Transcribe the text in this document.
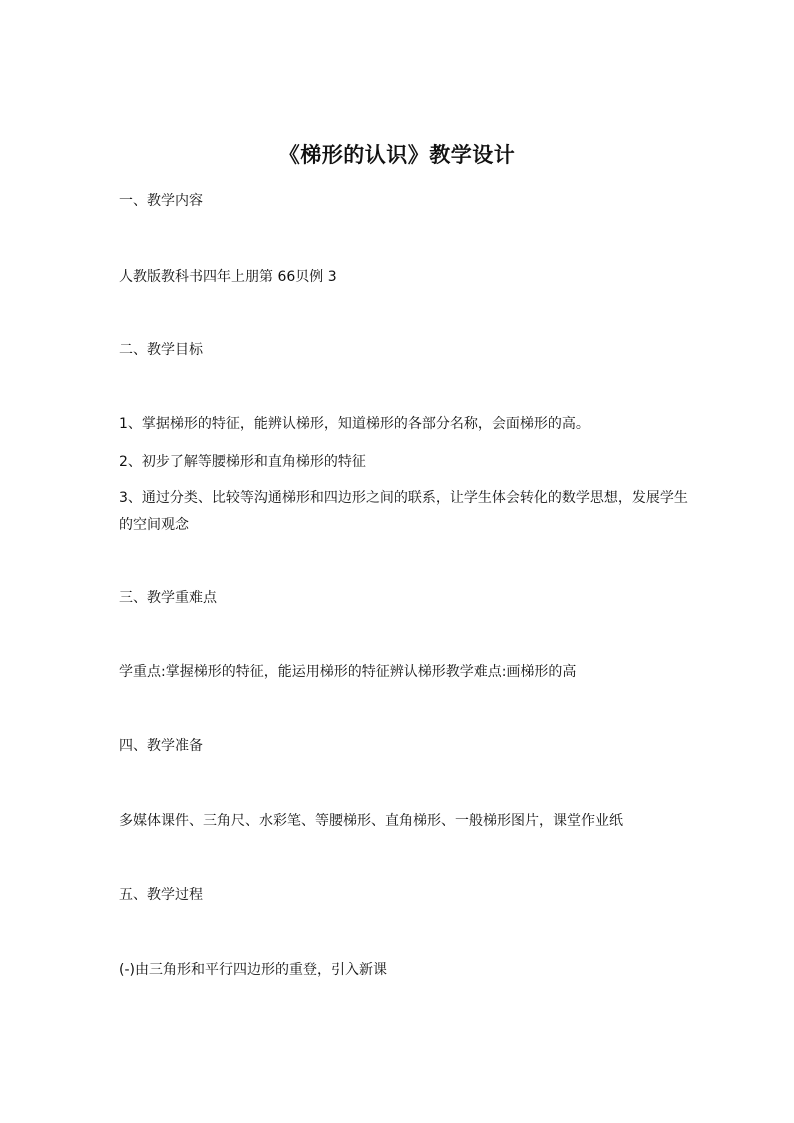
《梯形的认识》教学设计
一、教学内容
人教版教科书四年上朋第 66贝例 3
二、教学目标
1、掌据梯形的特征，能辨认梯形，知道梯形的各部分名称，会面梯形的高。
2、初步了解等腰梯形和直角梯形的特征
3、通过分类、比较等沟通梯形和四边形之间的联系，让学生体会转化的数学思想，发展学生的空间观念
三、教学重难点
学重点:掌握梯形的特征，能运用梯形的特征辨认梯形教学难点:画梯形的高
四、教学准备
多媒体课件、三角尺、水彩笔、等腰梯形、直角梯形、一般梯形图片，课堂作业纸
五、教学过程
(-)由三角形和平行四边形的重登，引入新课
